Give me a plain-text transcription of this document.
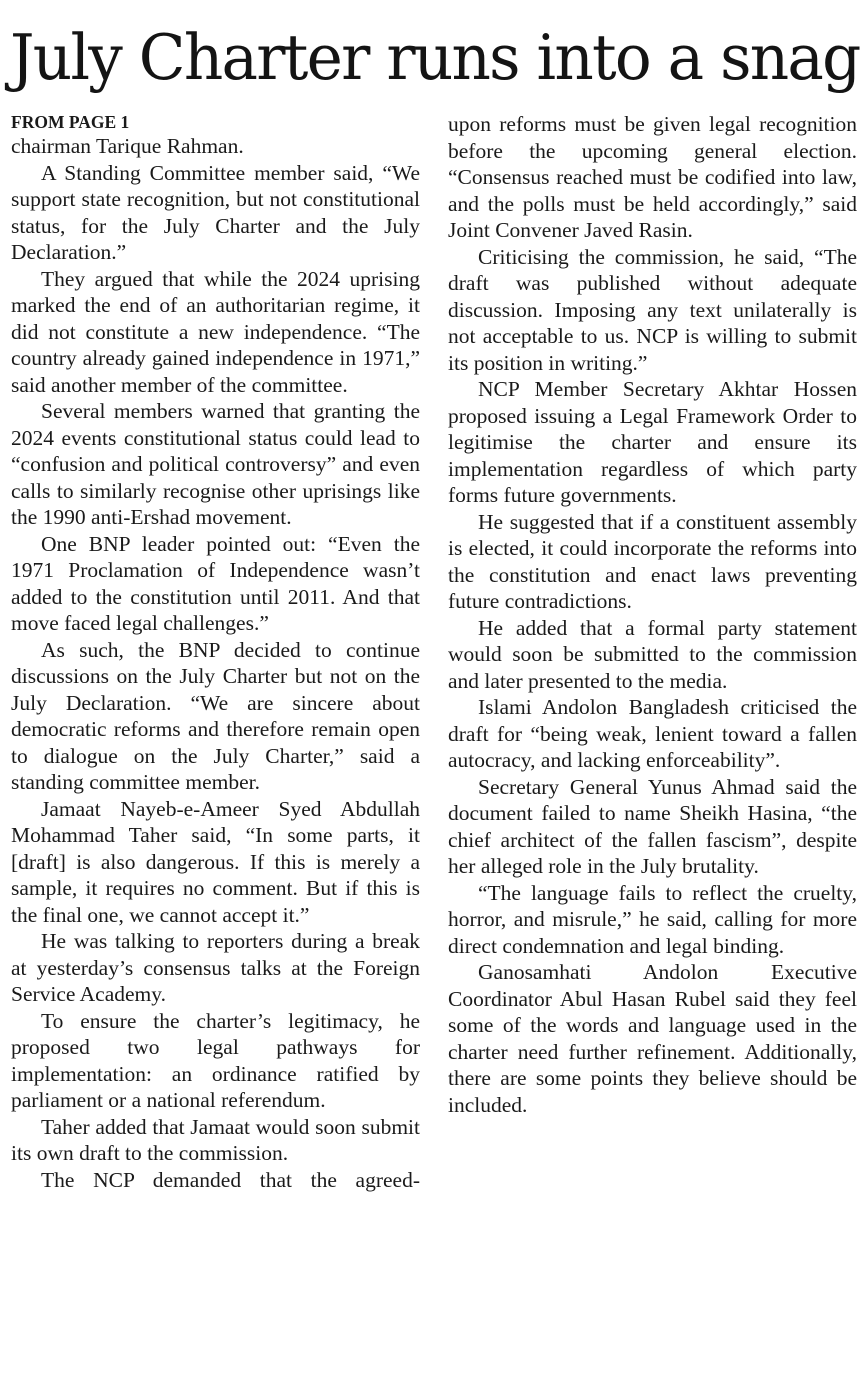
July Charter runs into a snag
FROM PAGE 1

chairman Tarique Rahman.

A Standing Committee member said, “We support state recognition, but not constitutional status, for the July Charter and the July Declaration.”

They argued that while the 2024 uprising marked the end of an authoritarian regime, it did not constitute a new independence. “The country already gained independence in 1971,” said another member of the committee.

Several members warned that granting the 2024 events constitutional status could lead to “confusion and political controversy” and even calls to similarly recognise other uprisings like the 1990 anti-Ershad movement.

One BNP leader pointed out: “Even the 1971 Proclamation of Independence wasn’t added to the constitution until 2011. And that move faced legal challenges.”

As such, the BNP decided to continue discussions on the July Charter but not on the July Declaration. “We are sincere about democratic reforms and therefore remain open to dialogue on the July Charter,” said a standing committee member.

Jamaat Nayeb-e-Ameer Syed Abdullah Mohammad Taher said, “In some parts, it [draft] is also dangerous. If this is merely a sample, it requires no comment. But if this is the final one, we cannot accept it.”

He was talking to reporters during a break at yesterday’s consensus talks at the Foreign Service Academy.

To ensure the charter’s legitimacy, he proposed two legal pathways for implementation: an ordinance ratified by parliament or a national referendum.

Taher added that Jamaat would soon submit its own draft to the commission.

The NCP demanded that the agreed-

upon reforms must be given legal recognition before the upcoming general election. “Consensus reached must be codified into law, and the polls must be held accordingly,” said Joint Convener Javed Rasin.

Criticising the commission, he said, “The draft was published without adequate discussion. Imposing any text unilaterally is not acceptable to us. NCP is willing to submit its position in writing.”

NCP Member Secretary Akhtar Hossen proposed issuing a Legal Framework Order to legitimise the charter and ensure its implementation regardless of which party forms future governments.

He suggested that if a constituent assembly is elected, it could incorporate the reforms into the constitution and enact laws preventing future contradictions.

He added that a formal party statement would soon be submitted to the commission and later presented to the media.

Islami Andolon Bangladesh criticised the draft for “being weak, lenient toward a fallen autocracy, and lacking enforceability”.

Secretary General Yunus Ahmad said the document failed to name Sheikh Hasina, “the chief architect of the fallen fascism”, despite her alleged role in the July brutality.

“The language fails to reflect the cruelty, horror, and misrule,” he said, calling for more direct condemnation and legal binding.

Ganosamhati Andolon Executive Coordinator Abul Hasan Rubel said they feel some of the words and language used in the charter need further refinement. Additionally, there are some points they believe should be included.
